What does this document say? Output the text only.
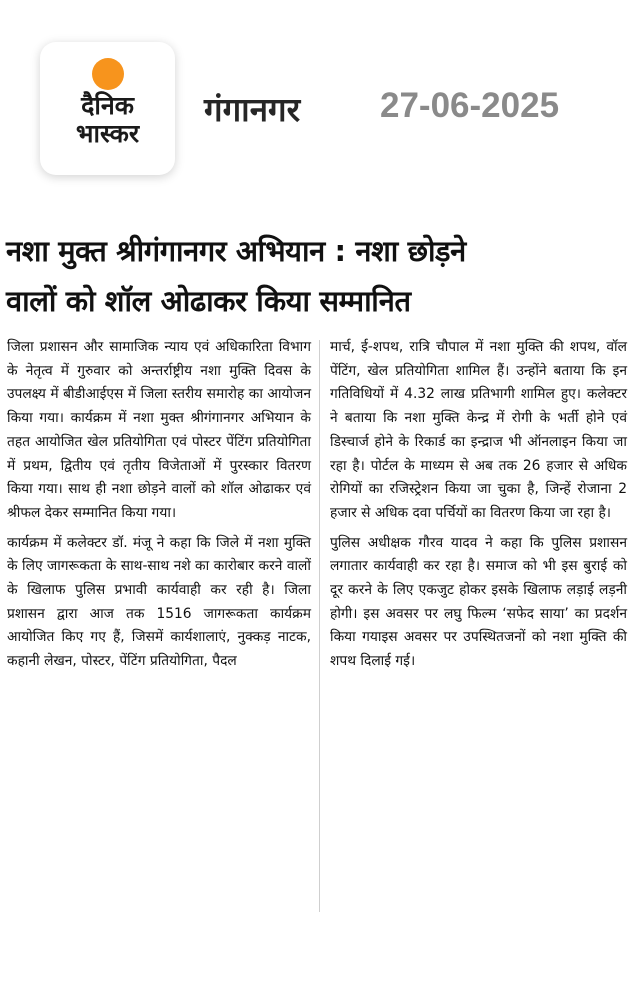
दैनिक
भास्कर
गंगानगर 27-06-2025
नशा मुक्त श्रीगंगानगर अभियान : नशा छोड़ने
वालों को शॉल ओढाकर किया सम्मानित

जिला प्रशासन और सामाजिक न्याय एवं अधिकारिता विभाग के नेतृत्व में गुरुवार को अन्तर्राष्ट्रीय नशा मुक्ति दिवस के उपलक्ष्य में बीडीआईएस में जिला स्तरीय समारोह का आयोजन किया गया। कार्यक्रम में नशा मुक्त श्रीगंगानगर अभियान के तहत आयोजित खेल प्रतियोगिता एवं पोस्टर पेंटिंग प्रतियोगिता में प्रथम, द्वितीय एवं तृतीय विजेताओं में पुरस्कार वितरण किया गया। साथ ही नशा छोड़ने वालों को शॉल ओढाकर एवं श्रीफल देकर सम्मानित किया गया।

कार्यक्रम में कलेक्टर डॉ. मंजू ने कहा कि जिले में नशा मुक्ति के लिए जागरूकता के साथ-साथ नशे का कारोबार करने वालों के खिलाफ पुलिस प्रभावी कार्यवाही कर रही है। जिला प्रशासन द्वारा आज तक 1516 जागरूकता कार्यक्रम आयोजित किए गए हैं, जिसमें कार्यशालाएं, नुक्कड़ नाटक, कहानी लेखन, पोस्टर, पेंटिंग प्रतियोगिता, पैदल

मार्च, ई-शपथ, रात्रि चौपाल में नशा मुक्ति की शपथ, वॉल पेंटिंग, खेल प्रतियोगिता शामिल हैं। उन्होंने बताया कि इन गतिविधियों में 4.32 लाख प्रतिभागी शामिल हुए। कलेक्टर ने बताया कि नशा मुक्ति केन्द्र में रोगी के भर्ती होने एवं डिस्चार्ज होने के रिकार्ड का इन्द्राज भी ऑनलाइन किया जा रहा है। पोर्टल के माध्यम से अब तक 26 हजार से अधिक रोगियों का रजिस्ट्रेशन किया जा चुका है, जिन्हें रोजाना 2 हजार से अधिक दवा पर्चियों का वितरण किया जा रहा है।

पुलिस अधीक्षक गौरव यादव ने कहा कि पुलिस प्रशासन लगातार कार्यवाही कर रहा है। समाज को भी इस बुराई को दूर करने के लिए एकजुट होकर इसके खिलाफ लड़ाई लड़नी होगी। इस अवसर पर लघु फिल्म ‘सफेद साया’ का प्रदर्शन किया गयाइस अवसर पर उपस्थितजनों को नशा मुक्ति की शपथ दिलाई गई।
